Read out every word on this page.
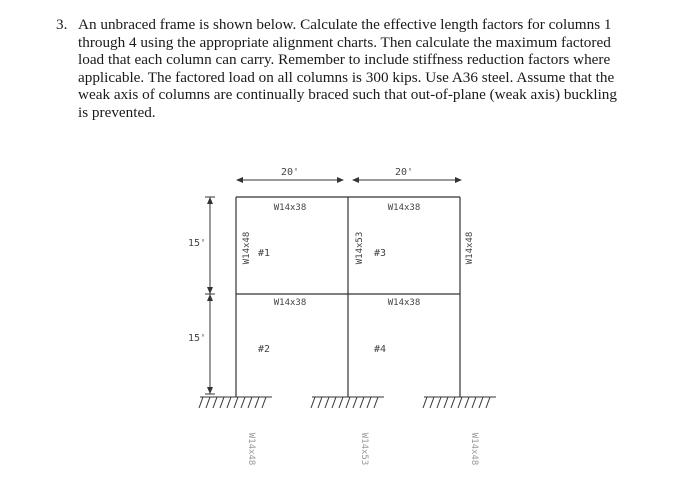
3. An unbraced frame is shown below. Calculate the effective length factors for columns 1
through 4 using the appropriate alignment charts. Then calculate the maximum factored
load that each column can carry. Remember to include stiffness reduction factors where
applicable. The factored load on all columns is 300 kips. Use A36 steel. Assume that the
weak axis of columns are continually braced such that out-of-plane (weak axis) buckling
is prevented.
20'	20'
15'
15'
W14x38	W14x38
W14x38	W14x38
W14x48	W14x53	W14x48
#1
#2
#3
#4
W14x48	W14x53	W14x48
